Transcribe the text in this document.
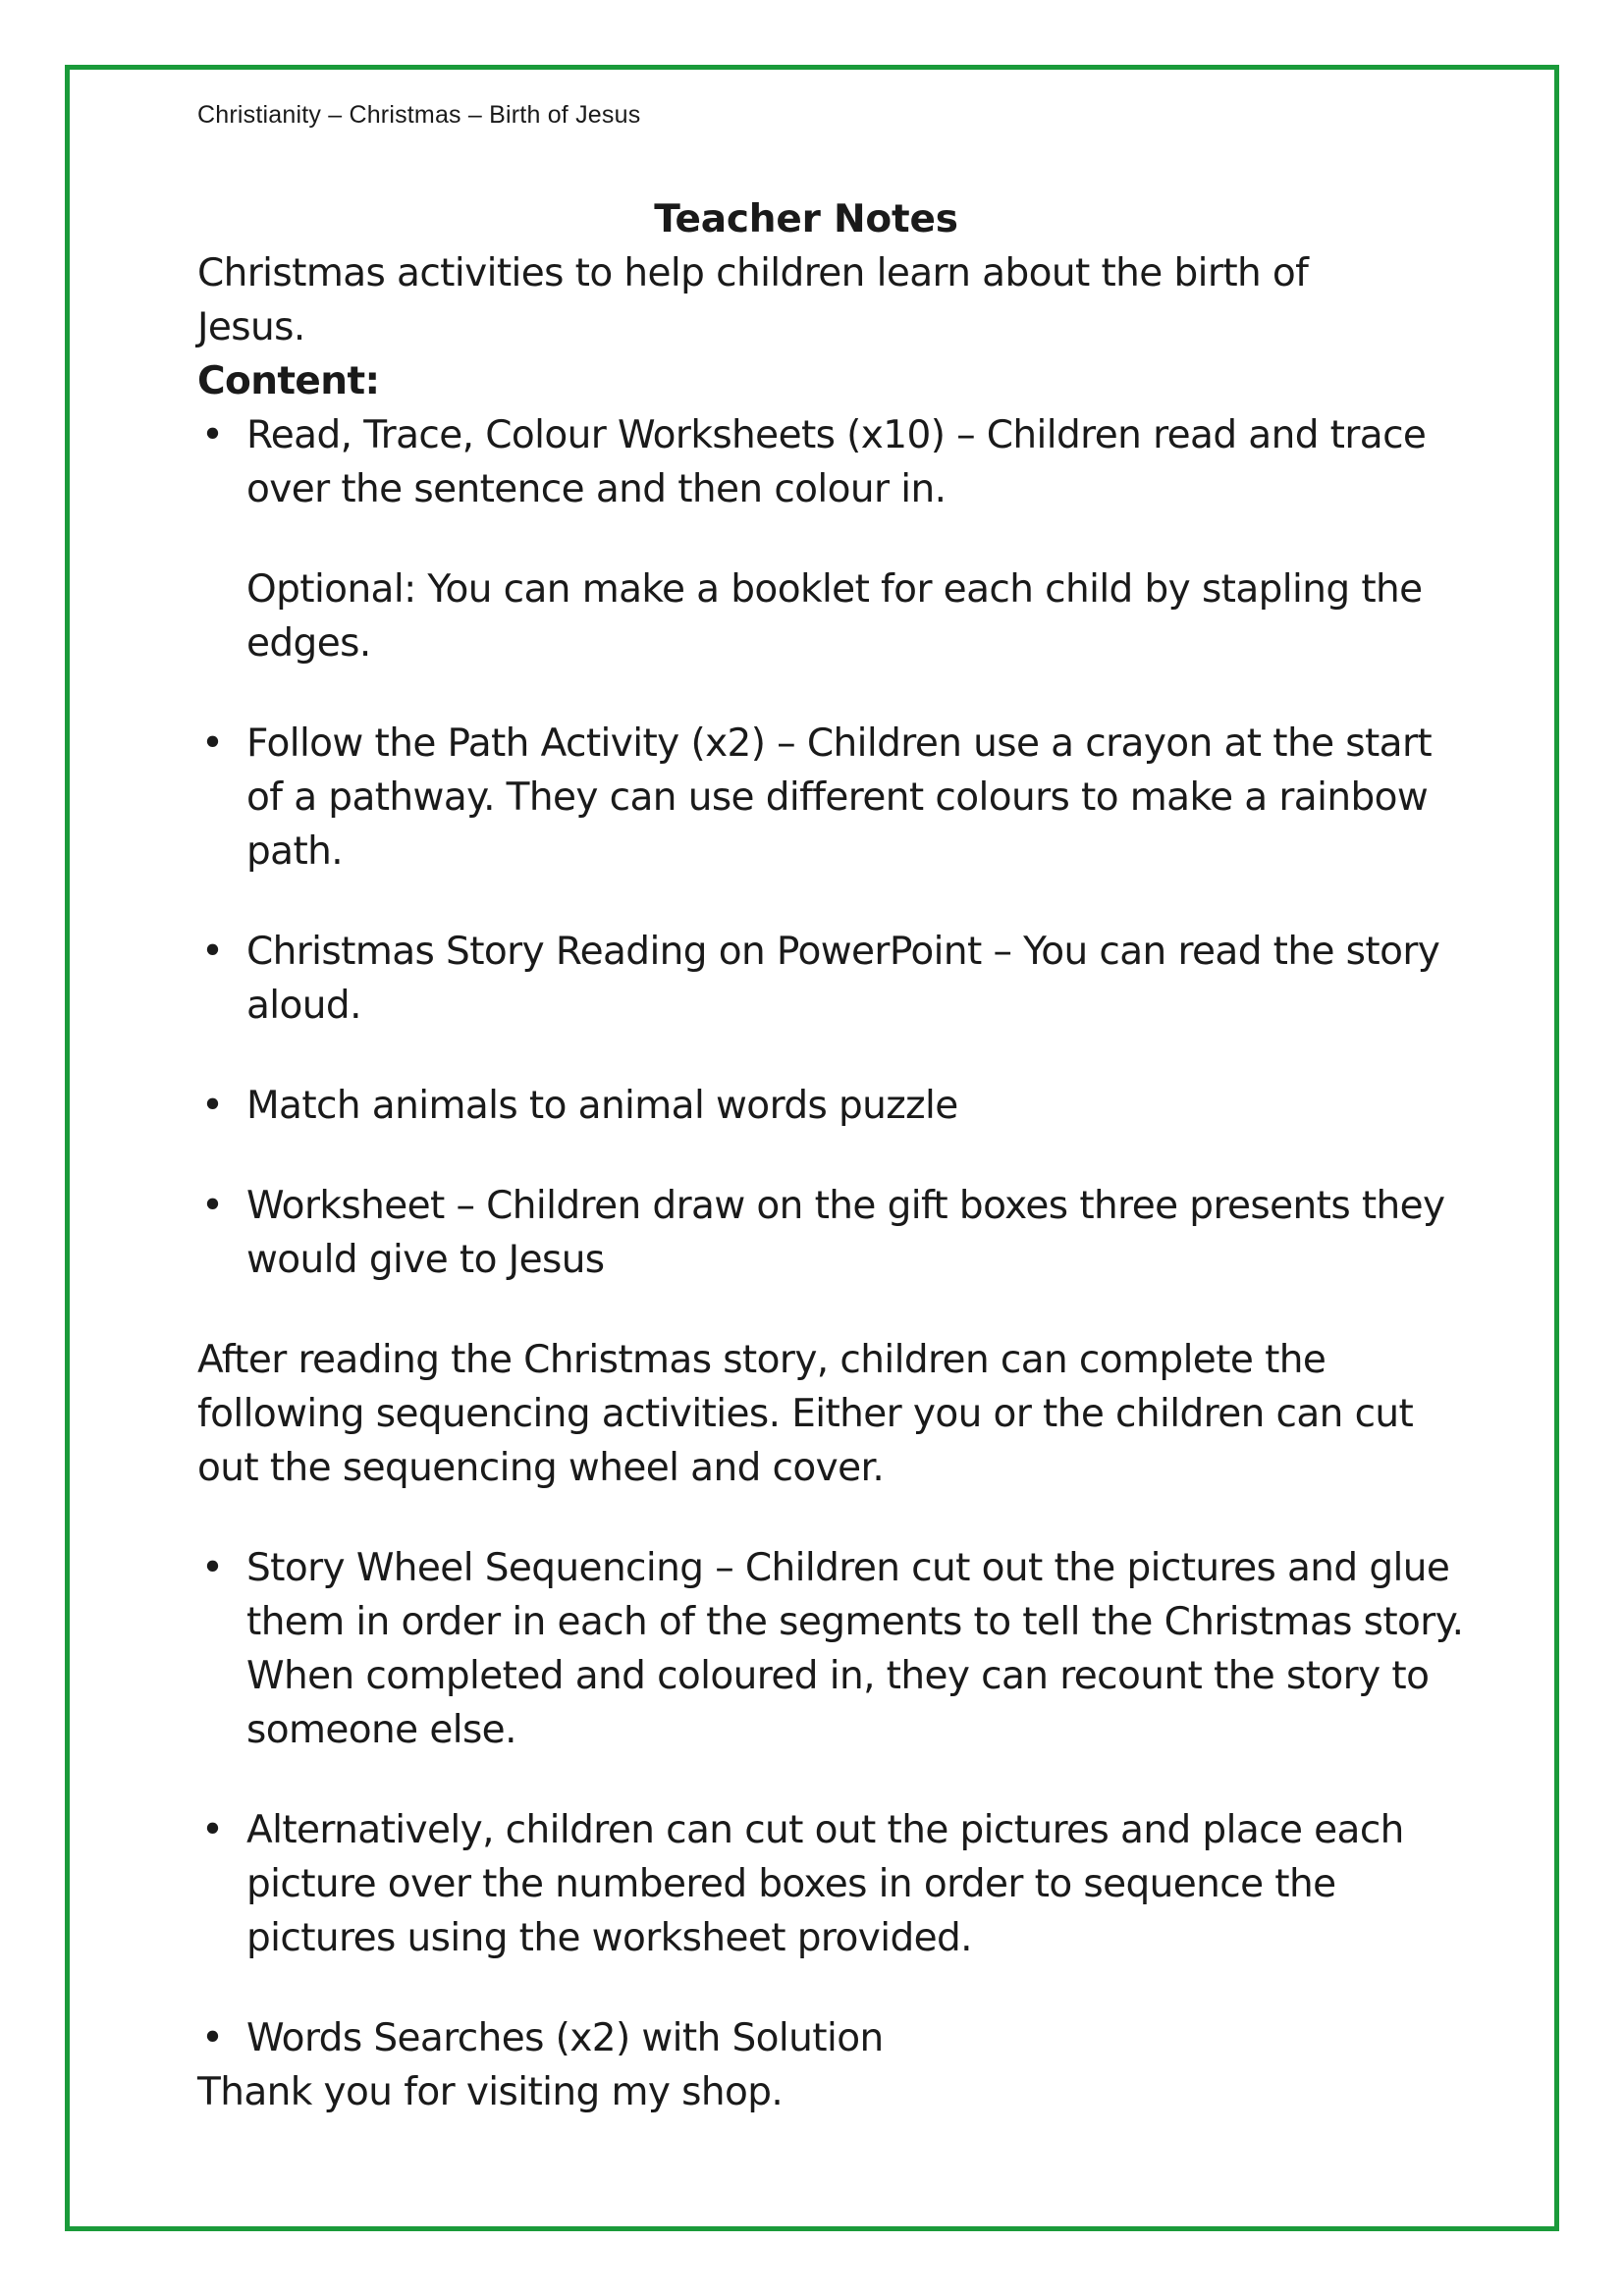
Christianity – Christmas – Birth of Jesus
Teacher Notes

Christmas activities to help children learn about the birth of Jesus.

Content:
• Read, Trace, Colour Worksheets (x10) – Children read and trace over the sentence and then colour in.
Optional: You can make a booklet for each child by stapling the edges.
• Follow the Path Activity (x2) – Children use a crayon at the start of a pathway. They can use different colours to make a rainbow path.
• Christmas Story Reading on PowerPoint – You can read the story aloud.
• Match animals to animal words puzzle
• Worksheet – Children draw on the gift boxes three presents they would give to Jesus

After reading the Christmas story, children can complete the following sequencing activities. Either you or the children can cut out the sequencing wheel and cover.

• Story Wheel Sequencing – Children cut out the pictures and glue them in order in each of the segments to tell the Christmas story. When completed and coloured in, they can recount the story to someone else.
• Alternatively, children can cut out the pictures and place each picture over the numbered boxes in order to sequence the pictures using the worksheet provided.
• Words Searches (x2) with Solution

Thank you for visiting my shop.
